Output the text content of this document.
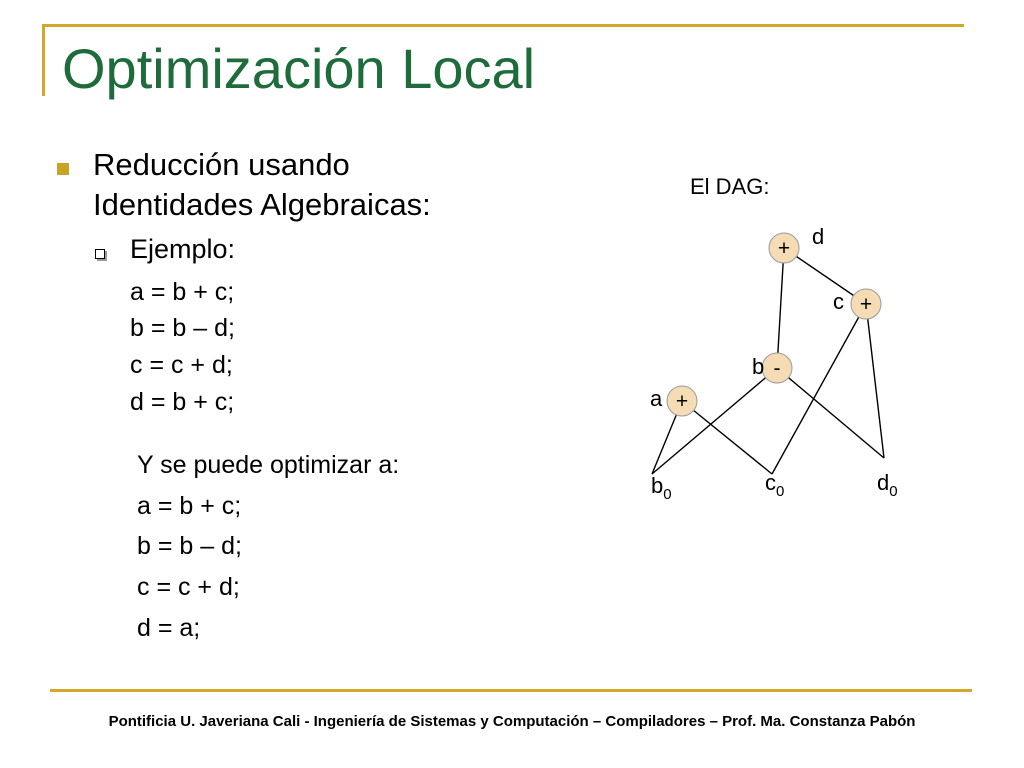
Optimización Local
Reducción usando
Identidades Algebraicas:
Ejemplo:
a = b + c;
b = b – d;
c = c + d;
d = b + c;
Y se puede optimizar a:
a = b + c;
b = b – d;
c = c + d;
d = a;
El DAG:
+ d
+
c
-
b
+
a
$b_0$	$c_0$	$d_0$
Pontificia U. Javeriana Cali - Ingeniería de Sistemas y Computación – Compiladores – Prof. Ma. Constanza Pabón
